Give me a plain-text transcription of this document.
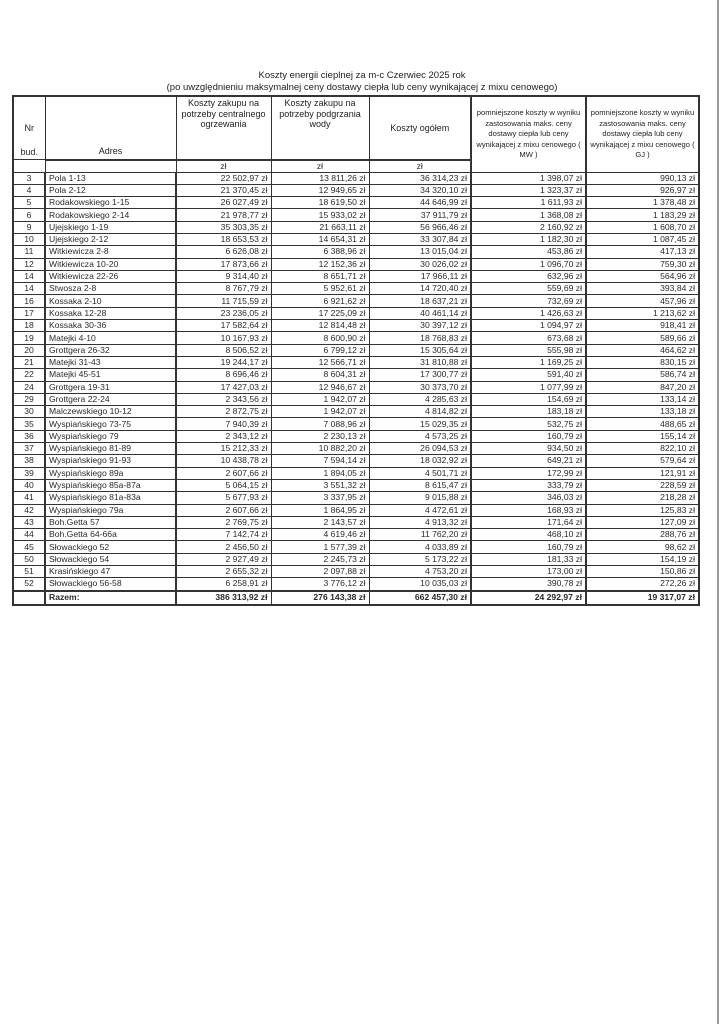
Koszty energii cieplnej za m-c Czerwiec 2025 rok
(po uwzględnieniu maksymalnej ceny dostawy ciepła lub ceny wynikającej z mixu cenowego)
Nr	Adres	Koszty zakupu na potrzeby centralnego ogrzewania	Koszty zakupu na potrzeby podgrzania wody	Koszty ogółem	pomniejszone koszty w wyniku zastosowania maks. ceny dostawy ciepła lub ceny wynikającej z mixu cenowego ( MW )	pomniejszone koszty w wyniku zastosowania maks. ceny dostawy ciepła lub ceny wynikającej z mixu cenowego ( GJ )
bud.		zł	zł	zł		
3	Pola 1-13	22 502,97 zł	13 811,26 zł	36 314,23 zł	1 398,07 zł	990,13 zł
4	Pola 2-12	21 370,45 zł	12 949,65 zł	34 320,10 zł	1 323,37 zł	926,97 zł
5	Rodakowskiego 1-15	26 027,49 zł	18 619,50 zł	44 646,99 zł	1 611,93 zł	1 378,48 zł
6	Rodakowskiego 2-14	21 978,77 zł	15 933,02 zł	37 911,79 zł	1 368,08 zł	1 183,29 zł
9	Ujejskiego 1-19	35 303,35 zł	21 663,11 zł	56 966,46 zł	2 160,92 zł	1 608,70 zł
10	Ujejskiego 2-12	18 653,53 zł	14 654,31 zł	33 307,84 zł	1 182,30 zł	1 087,45 zł
11	Witkiewicza 2-8	6 626,08 zł	6 388,96 zł	13 015,04 zł	453,86 zł	417,13 zł
12	Witkiewicza 10-20	17 873,66 zł	12 152,36 zł	30 026,02 zł	1 096,70 zł	759,30 zł
14	Witkiewicza 22-26	9 314,40 zł	8 651,71 zł	17 966,11 zł	632,96 zł	564,96 zł
14	Stwosza 2-8	8 767,79 zł	5 952,61 zł	14 720,40 zł	559,69 zł	393,84 zł
16	Kossaka 2-10	11 715,59 zł	6 921,62 zł	18 637,21 zł	732,69 zł	457,96 zł
17	Kossaka 12-28	23 236,05 zł	17 225,09 zł	40 461,14 zł	1 426,63 zł	1 213,62 zł
18	Kossaka 30-36	17 582,64 zł	12 814,48 zł	30 397,12 zł	1 094,97 zł	918,41 zł
19	Matejki 4-10	10 167,93 zł	8 600,90 zł	18 768,83 zł	673,68 zł	589,66 zł
20	Grottgera 26-32	8 506,52 zł	6 799,12 zł	15 305,64 zł	555,98 zł	464,62 zł
21	Matejki 31-43	19 244,17 zł	12 566,71 zł	31 810,88 zł	1 169,25 zł	830,15 zł
22	Matejki 45-51	8 696,46 zł	8 604,31 zł	17 300,77 zł	591,40 zł	586,74 zł
24	Grottgera 19-31	17 427,03 zł	12 946,67 zł	30 373,70 zł	1 077,99 zł	847,20 zł
29	Grottgera 22-24	2 343,56 zł	1 942,07 zł	4 285,63 zł	154,69 zł	133,14 zł
30	Malczewskiego 10-12	2 872,75 zł	1 942,07 zł	4 814,82 zł	183,18 zł	133,18 zł
35	Wyspiańskiego 73-75	7 940,39 zł	7 088,96 zł	15 029,35 zł	532,75 zł	488,65 zł
36	Wyspiańskiego 79	2 343,12 zł	2 230,13 zł	4 573,25 zł	160,79 zł	155,14 zł
37	Wyspiańskiego 81-89	15 212,33 zł	10 882,20 zł	26 094,53 zł	934,50 zł	822,10 zł
38	Wyspiańskiego 91-93	10 438,78 zł	7 594,14 zł	18 032,92 zł	649,21 zł	579,64 zł
39	Wyspiańskiego 89a	2 607,66 zł	1 894,05 zł	4 501,71 zł	172,99 zł	121,91 zł
40	Wyspiańskiego 85a-87a	5 064,15 zł	3 551,32 zł	8 615,47 zł	333,79 zł	228,59 zł
41	Wyspiańskiego 81a-83a	5 677,93 zł	3 337,95 zł	9 015,88 zł	346,03 zł	218,28 zł
42	Wyspiańskiego 79a	2 607,66 zł	1 864,95 zł	4 472,61 zł	168,93 zł	125,83 zł
43	Boh.Getta 57	2 769,75 zł	2 143,57 zł	4 913,32 zł	171,64 zł	127,09 zł
44	Boh.Getta 64-66a	7 142,74 zł	4 619,46 zł	11 762,20 zł	468,10 zł	288,76 zł
45	Słowackiego 52	2 456,50 zł	1 577,39 zł	4 033,89 zł	160,79 zł	98,62 zł
50	Słowackiego 54	2 927,49 zł	2 245,73 zł	5 173,22 zł	181,33 zł	154,19 zł
51	Krasińskiego 47	2 655,32 zł	2 097,88 zł	4 753,20 zł	173,00 zł	150,86 zł
52	Słowackiego 56-58	6 258,91 zł	3 776,12 zł	10 035,03 zł	390,78 zł	272,26 zł
	Razem:	386 313,92 zł	276 143,38 zł	662 457,30 zł	24 292,97 zł	19 317,07 zł
